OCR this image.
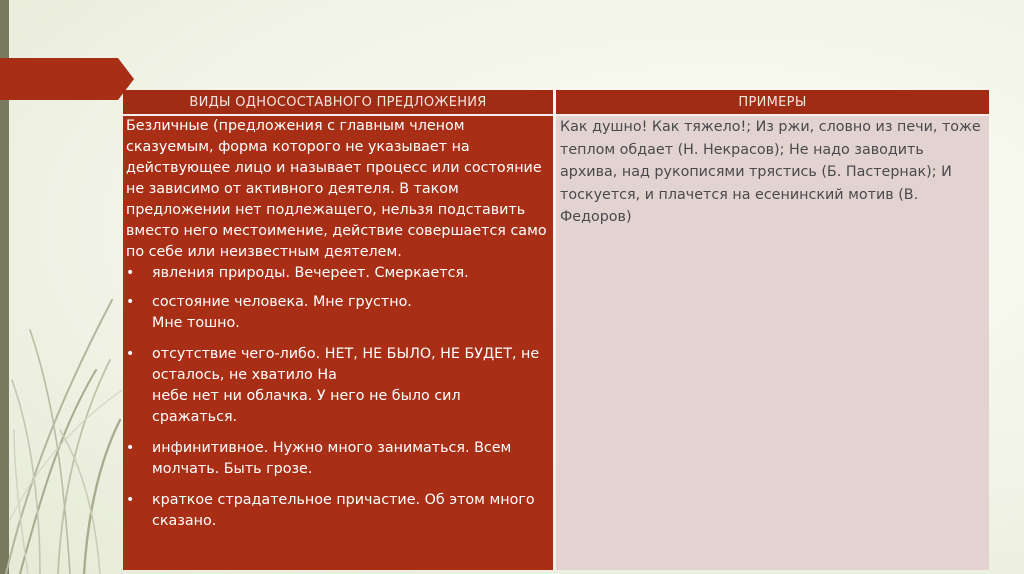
ВИДЫ ОДНОСОСТАВНОГО ПРЕДЛОЖЕНИЯ	ПРИМЕРЫ

Безличные (предложения с главным членом сказуемым, форма которого не указывает на действующее лицо и называет процесс или состояние не зависимо от активного деятеля. В таком предложении нет подлежащего, нельзя подставить вместо него местоимение, действие совершается само по себе или неизвестным деятелем.

• явления природы. Вечереет. Смеркается.

• состояние человека. Мне грустно.

Мне тошно.

• отсутствие чего-либо. НЕТ, НЕ БЫЛО, НЕ БУДЕТ, не осталось, не хватило На

небе нет ни облачка. У него не было сил сражаться.

• инфинитивное. Нужно много заниматься. Всем молчать. Быть грозе.

• краткое страдательное причастие. Об этом много сказано.

Как душно! Как тяжело!; Из ржи, словно из печи, тоже теплом обдает (Н. Некрасов); Не надо заводить архива, над рукописями трястись (Б. Пастернак); И тоскуется, и плачется на есенинский мотив (В. Федоров)
